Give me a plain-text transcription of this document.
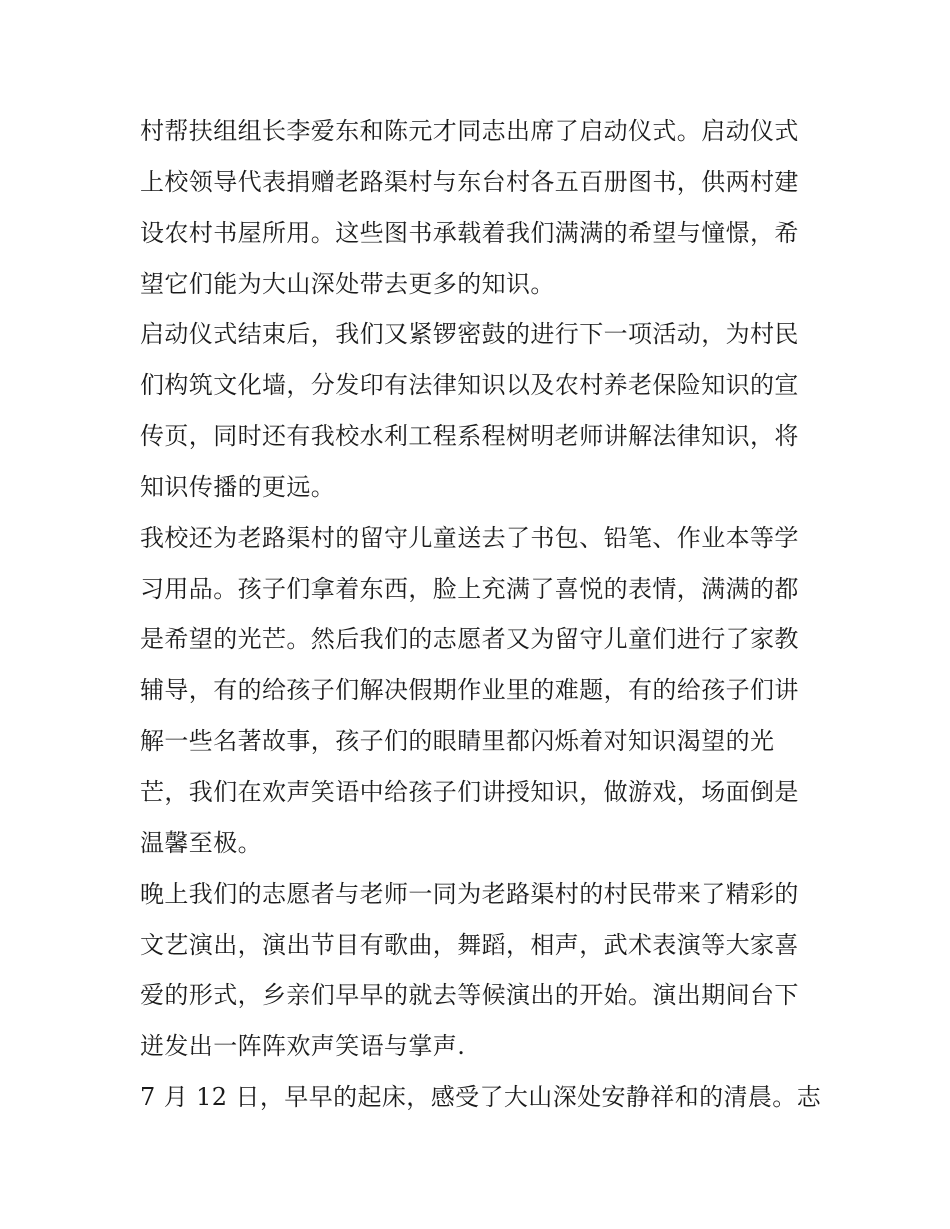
村帮扶组组长李爱东和陈元才同志出席了启动仪式。启动仪式
上校领导代表捐赠老路渠村与东台村各五百册图书，供两村建
设农村书屋所用。这些图书承载着我们满满的希望与憧憬，希
望它们能为大山深处带去更多的知识。
启动仪式结束后，我们又紧锣密鼓的进行下一项活动，为村民
们构筑文化墙，分发印有法律知识以及农村养老保险知识的宣
传页，同时还有我校水利工程系程树明老师讲解法律知识，将
知识传播的更远。
我校还为老路渠村的留守儿童送去了书包、铅笔、作业本等学
习用品。孩子们拿着东西，脸上充满了喜悦的表情，满满的都
是希望的光芒。然后我们的志愿者又为留守儿童们进行了家教
辅导，有的给孩子们解决假期作业里的难题，有的给孩子们讲
解一些名著故事，孩子们的眼睛里都闪烁着对知识渴望的光
芒，我们在欢声笑语中给孩子们讲授知识，做游戏，场面倒是
温馨至极。
晚上我们的志愿者与老师一同为老路渠村的村民带来了精彩的
文艺演出，演出节目有歌曲，舞蹈，相声，武术表演等大家喜
爱的形式，乡亲们早早的就去等候演出的开始。演出期间台下
迸发出一阵阵欢声笑语与掌声.
7 月 12 日，早早的起床，感受了大山深处安静祥和的清晨。志
